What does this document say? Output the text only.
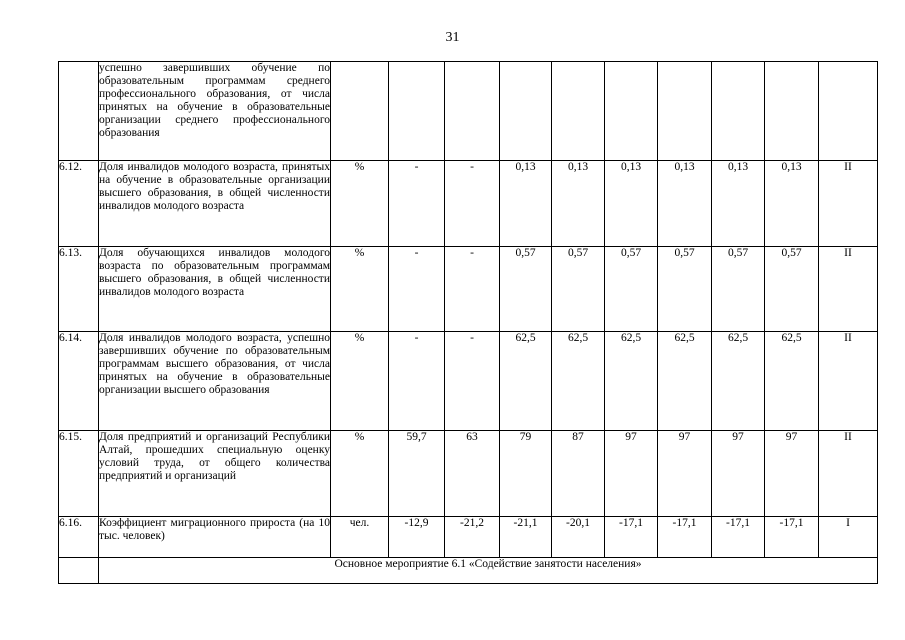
31
	успешно завершивших обучение по образовательным программам среднего профессионального образования, от числа принятых на обучение в образовательные организации среднего профессионального образования										
6.12.	Доля инвалидов молодого возраста, принятых на обучение в образовательные организации высшего образования, в общей численности инвалидов молодого возраста	%	-	-	0,13	0,13	0,13	0,13	0,13	0,13	II
6.13.	Доля обучающихся инвалидов молодого возраста по образовательным программам высшего образования, в общей численности инвалидов молодого возраста	%	-	-	0,57	0,57	0,57	0,57	0,57	0,57	II
6.14.	Доля инвалидов молодого возраста, успешно завершивших обучение по образовательным программам высшего образования, от числа принятых на обучение в образовательные организации высшего образования	%	-	-	62,5	62,5	62,5	62,5	62,5	62,5	II
6.15.	Доля предприятий и организаций Республики Алтай, прошедших специальную оценку условий труда, от общего количества предприятий и организаций	%	59,7	63	79	87	97	97	97	97	II
6.16.	Коэффициент миграционного прироста (на 10 тыс. человек)	чел.	-12,9	-21,2	-21,1	-20,1	-17,1	-17,1	-17,1	-17,1	I
	Основное мероприятие 6.1 «Содействие занятости населения»										
